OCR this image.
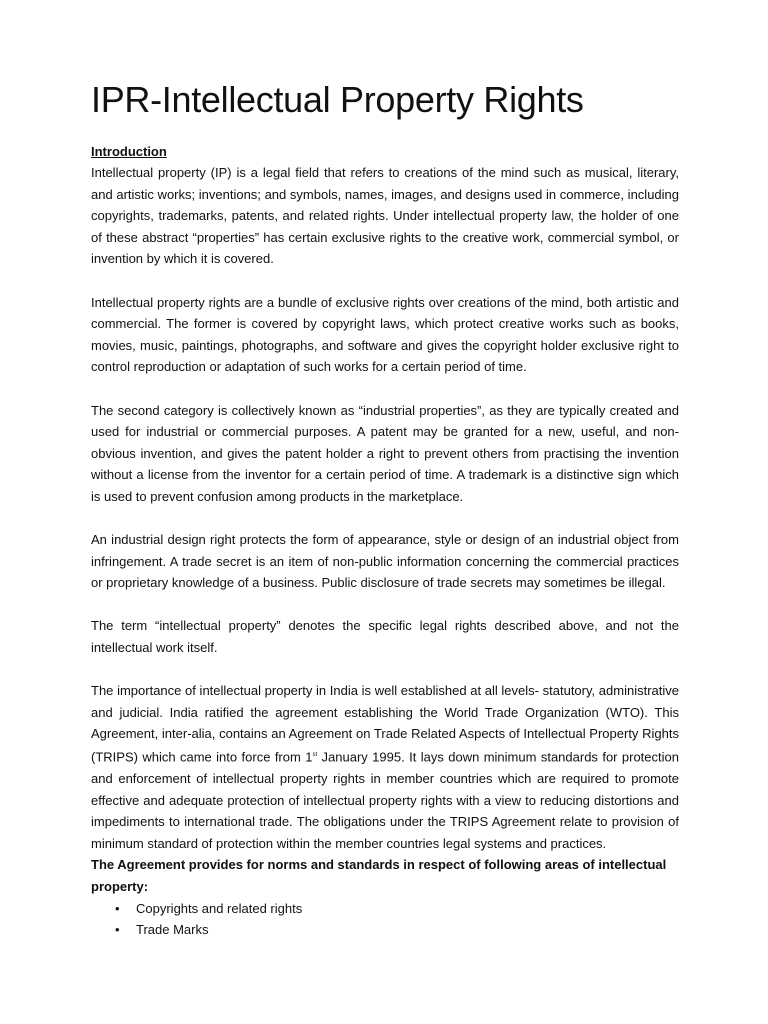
IPR-Intellectual Property Rights
Introduction

Intellectual property (IP) is a legal field that refers to creations of the mind such as musical, literary, and artistic works; inventions; and symbols, names, images, and designs used in commerce, including copyrights, trademarks, patents, and related rights. Under intellectual property law, the holder of one of these abstract “properties” has certain exclusive rights to the creative work, commercial symbol, or invention by which it is covered.

Intellectual property rights are a bundle of exclusive rights over creations of the mind, both artistic and commercial. The former is covered by copyright laws, which protect creative works such as books, movies, music, paintings, photographs, and software and gives the copyright holder exclusive right to control reproduction or adaptation of such works for a certain period of time.

The second category is collectively known as “industrial properties”, as they are typically created and used for industrial or commercial purposes. A patent may be granted for a new, useful, and non-obvious invention, and gives the patent holder a right to prevent others from practising the invention without a license from the inventor for a certain period of time. A trademark is a distinctive sign which is used to prevent confusion among products in the marketplace.

An industrial design right protects the form of appearance, style or design of an industrial object from infringement. A trade secret is an item of non-public information concerning the commercial practices or proprietary knowledge of a business. Public disclosure of trade secrets may sometimes be illegal.

The term “intellectual property” denotes the specific legal rights described above, and not the intellectual work itself.

The importance of intellectual property in India is well established at all levels- statutory, administrative and judicial. India ratified the agreement establishing the World Trade Organization (WTO). This Agreement, inter-alia, contains an Agreement on Trade Related Aspects of Intellectual Property Rights (TRIPS) which came into force from 1st January 1995. It lays down minimum standards for protection and enforcement of intellectual property rights in member countries which are required to promote effective and adequate protection of intellectual property rights with a view to reducing distortions and impediments to international trade. The obligations under the TRIPS Agreement relate to provision of minimum standard of protection within the member countries legal systems and practices.

The Agreement provides for norms and standards in respect of following areas of intellectual property:
• Copyrights and related rights
• Trade Marks
